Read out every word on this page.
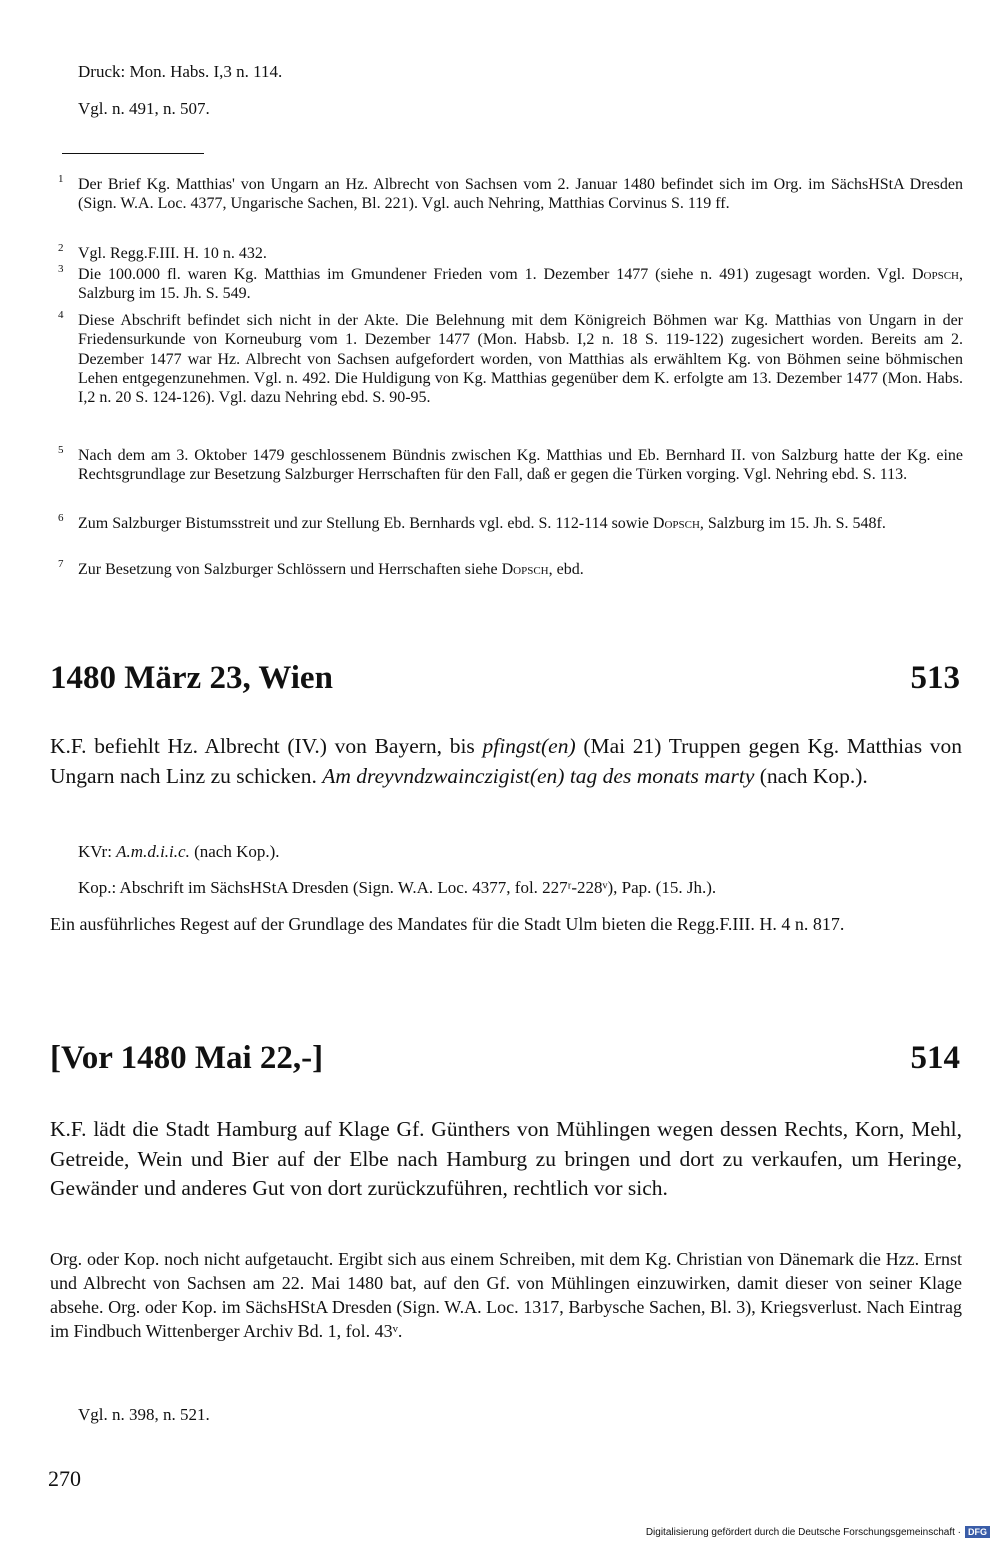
Druck: Mon. Habs. I,3 n. 114.
Vgl. n. 491, n. 507.
1 Der Brief Kg. Matthias' von Ungarn an Hz. Albrecht von Sachsen vom 2. Januar 1480 befindet sich im Org. im SächsHStA Dresden (Sign. W.A. Loc. 4377, Ungarische Sachen, Bl. 221). Vgl. auch Nehring, Matthias Corvinus S. 119 ff.
2 Vgl. Regg.F.III. H. 10 n. 432.
3 Die 100.000 fl. waren Kg. Matthias im Gmundener Frieden vom 1. Dezember 1477 (siehe n. 491) zugesagt worden. Vgl. Dopsch, Salzburg im 15. Jh. S. 549.
4 Diese Abschrift befindet sich nicht in der Akte. Die Belehnung mit dem Königreich Böhmen war Kg. Matthias von Ungarn in der Friedensurkunde von Korneuburg vom 1. Dezember 1477 (Mon. Habsb. I,2 n. 18 S. 119-122) zugesichert worden. Bereits am 2. Dezember 1477 war Hz. Albrecht von Sachsen aufgefordert worden, von Matthias als erwähltem Kg. von Böhmen seine böhmischen Lehen entgegenzunehmen. Vgl. n. 492. Die Huldigung von Kg. Matthias gegenüber dem K. erfolgte am 13. Dezember 1477 (Mon. Habs. I,2 n. 20 S. 124-126). Vgl. dazu Nehring ebd. S. 90-95.
5 Nach dem am 3. Oktober 1479 geschlossenem Bündnis zwischen Kg. Matthias und Eb. Bernhard II. von Salzburg hatte der Kg. eine Rechtsgrundlage zur Besetzung Salzburger Herrschaften für den Fall, daß er gegen die Türken vorging. Vgl. Nehring ebd. S. 113.
6 Zum Salzburger Bistumsstreit und zur Stellung Eb. Bernhards vgl. ebd. S. 112-114 sowie Dopsch, Salzburg im 15. Jh. S. 548f.
7 Zur Besetzung von Salzburger Schlössern und Herrschaften siehe Dopsch, ebd.
1480 März 23, Wien	513
K.F. befiehlt Hz. Albrecht (IV.) von Bayern, bis pfingst(en) (Mai 21) Truppen gegen Kg. Matthias von Ungarn nach Linz zu schicken. Am dreyvndzwainczigist(en) tag des monats marty (nach Kop.).
KVr: A.m.d.i.i.c. (nach Kop.).
Kop.: Abschrift im SächsHStA Dresden (Sign. W.A. Loc. 4377, fol. 227ʳ-228ᵛ), Pap. (15. Jh.).
Ein ausführliches Regest auf der Grundlage des Mandates für die Stadt Ulm bieten die Regg.F.III. H. 4 n. 817.
[Vor 1480 Mai 22,-]	514
K.F. lädt die Stadt Hamburg auf Klage Gf. Günthers von Mühlingen wegen dessen Rechts, Korn, Mehl, Getreide, Wein und Bier auf der Elbe nach Hamburg zu bringen und dort zu verkaufen, um Heringe, Gewänder und anderes Gut von dort zurückzuführen, rechtlich vor sich.
Org. oder Kop. noch nicht aufgetaucht. Ergibt sich aus einem Schreiben, mit dem Kg. Christian von Dänemark die Hzz. Ernst und Albrecht von Sachsen am 22. Mai 1480 bat, auf den Gf. von Mühlingen einzuwirken, damit dieser von seiner Klage absehe. Org. oder Kop. im SächsHStA Dresden (Sign. W.A. Loc. 1317, Barbysche Sachen, Bl. 3), Kriegsverlust. Nach Eintrag im Findbuch Wittenberger Archiv Bd. 1, fol. 43ᵛ.
Vgl. n. 398, n. 521.
270
Digitalisierung gefördert durch die Deutsche Forschungsgemeinschaft · DFG
